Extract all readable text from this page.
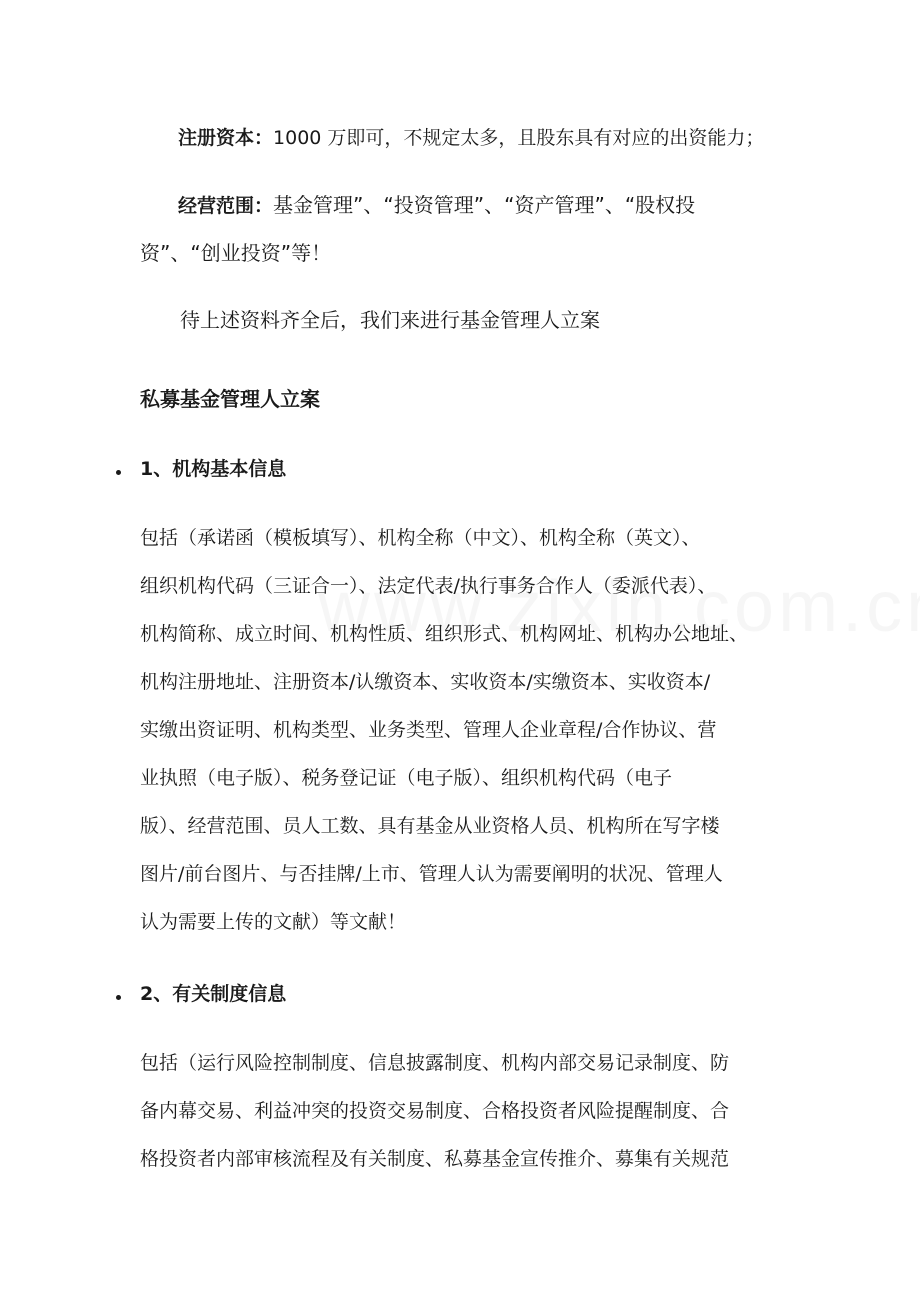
注册资本：1000 万即可，不规定太多，且股东具有对应的出资能力；
经营范围：基金管理”、“投资管理”、“资产管理”、“股权投
资”、“创业投资”等！
待上述资料齐全后，我们来进行基金管理人立案
私募基金管理人立案
1、机构基本信息
包括（承诺函（模板填写）、机构全称（中文）、机构全称（英文）、
组织机构代码（三证合一）、法定代表/执行事务合作人（委派代表）、
机构简称、成立时间、机构性质、组织形式、机构网址、机构办公地址、
机构注册地址、注册资本/认缴资本、实收资本/实缴资本、实收资本/
实缴出资证明、机构类型、业务类型、管理人企业章程/合作协议、营
业执照（电子版）、税务登记证（电子版）、组织机构代码（电子
版）、经营范围、员人工数、具有基金从业资格人员、机构所在写字楼
图片/前台图片、与否挂牌/上市、管理人认为需要阐明的状况、管理人
认为需要上传的文献）等文献！
2、有关制度信息
包括（运行风险控制制度、信息披露制度、机构内部交易记录制度、防
备内幕交易、利益冲突的投资交易制度、合格投资者风险提醒制度、合
格投资者内部审核流程及有关制度、私募基金宣传推介、募集有关规范
